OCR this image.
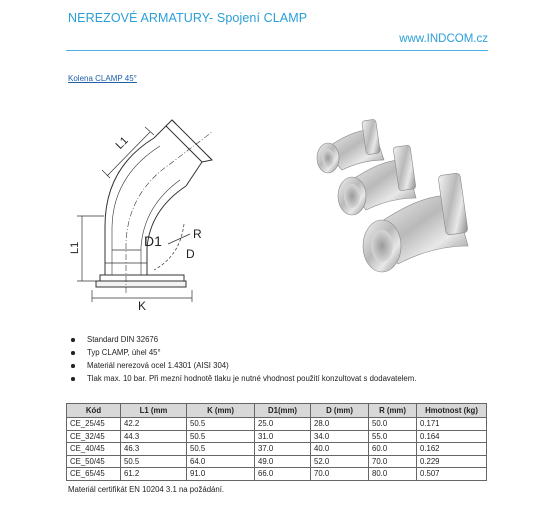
NEREZOVÉ ARMATURY- Spojení CLAMP
www.INDCOM.cz
Kolena CLAMP 45°
L1
L1	D1	R
D
K
Standard DIN 32676
Typ CLAMP, úhel 45°
Materiál nerezová ocel 1.4301 (AISI 304)
Tlak max. 10 bar. Při mezní hodnotě tlaku je nutné vhodnost použití konzultovat s dodavatelem.
Kód	L1 (mm	K (mm)	D1(mm)	D (mm)	R (mm)	Hmotnost (kg)
CE_25/45	42.2	50.5	25.0	28.0	50.0	0.171
CE_32/45	44.3	50.5	31.0	34.0	55.0	0.164
CE_40/45	46.3	50.5	37.0	40.0	60.0	0.162
CE_50/45	50.5	64.0	49.0	52.0	70.0	0.229
CE_65/45	61.2	91.0	66.0	70.0	80.0	0.507
Materiál certifikát EN 10204 3.1 na požádání.
